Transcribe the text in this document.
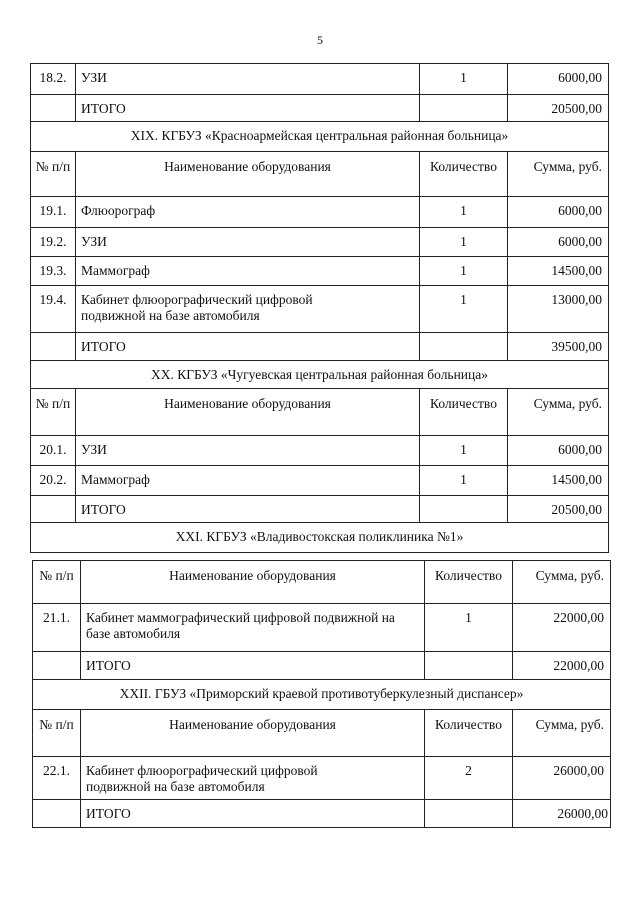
5
18.2.	УЗИ	1	6000,00
	ИТОГО		20500,00
XIX. КГБУЗ «Красноармейская центральная районная больница»			
№ п/п	Наименование оборудования	Количество	Сумма, руб.
19.1.	Флюорограф	1	6000,00
19.2.	УЗИ	1	6000,00
19.3.	Маммограф	1	14500,00
19.4.	Кабинет флюорографический цифровой подвижной на базе автомобиля	1	13000,00
	ИТОГО		39500,00
XX. КГБУЗ «Чугуевская центральная районная больница»			
№ п/п	Наименование оборудования	Количество	Сумма, руб.
20.1.	УЗИ	1	6000,00
20.2.	Маммограф	1	14500,00
	ИТОГО		20500,00
XXI. КГБУЗ «Владивостокская поликлиника №1»			
№ п/п	Наименование оборудования	Количество	Сумма, руб.
21.1.	Кабинет маммографический цифровой подвижной на базе автомобиля	1	22000,00
	ИТОГО		22000,00
XXII. ГБУЗ «Приморский краевой противотуберкулезный диспансер»			
№ п/п	Наименование оборудования	Количество	Сумма, руб.
22.1.	Кабинет флюорографический цифровой подвижной на базе автомобиля	2	26000,00
	ИТОГО		26000,00
